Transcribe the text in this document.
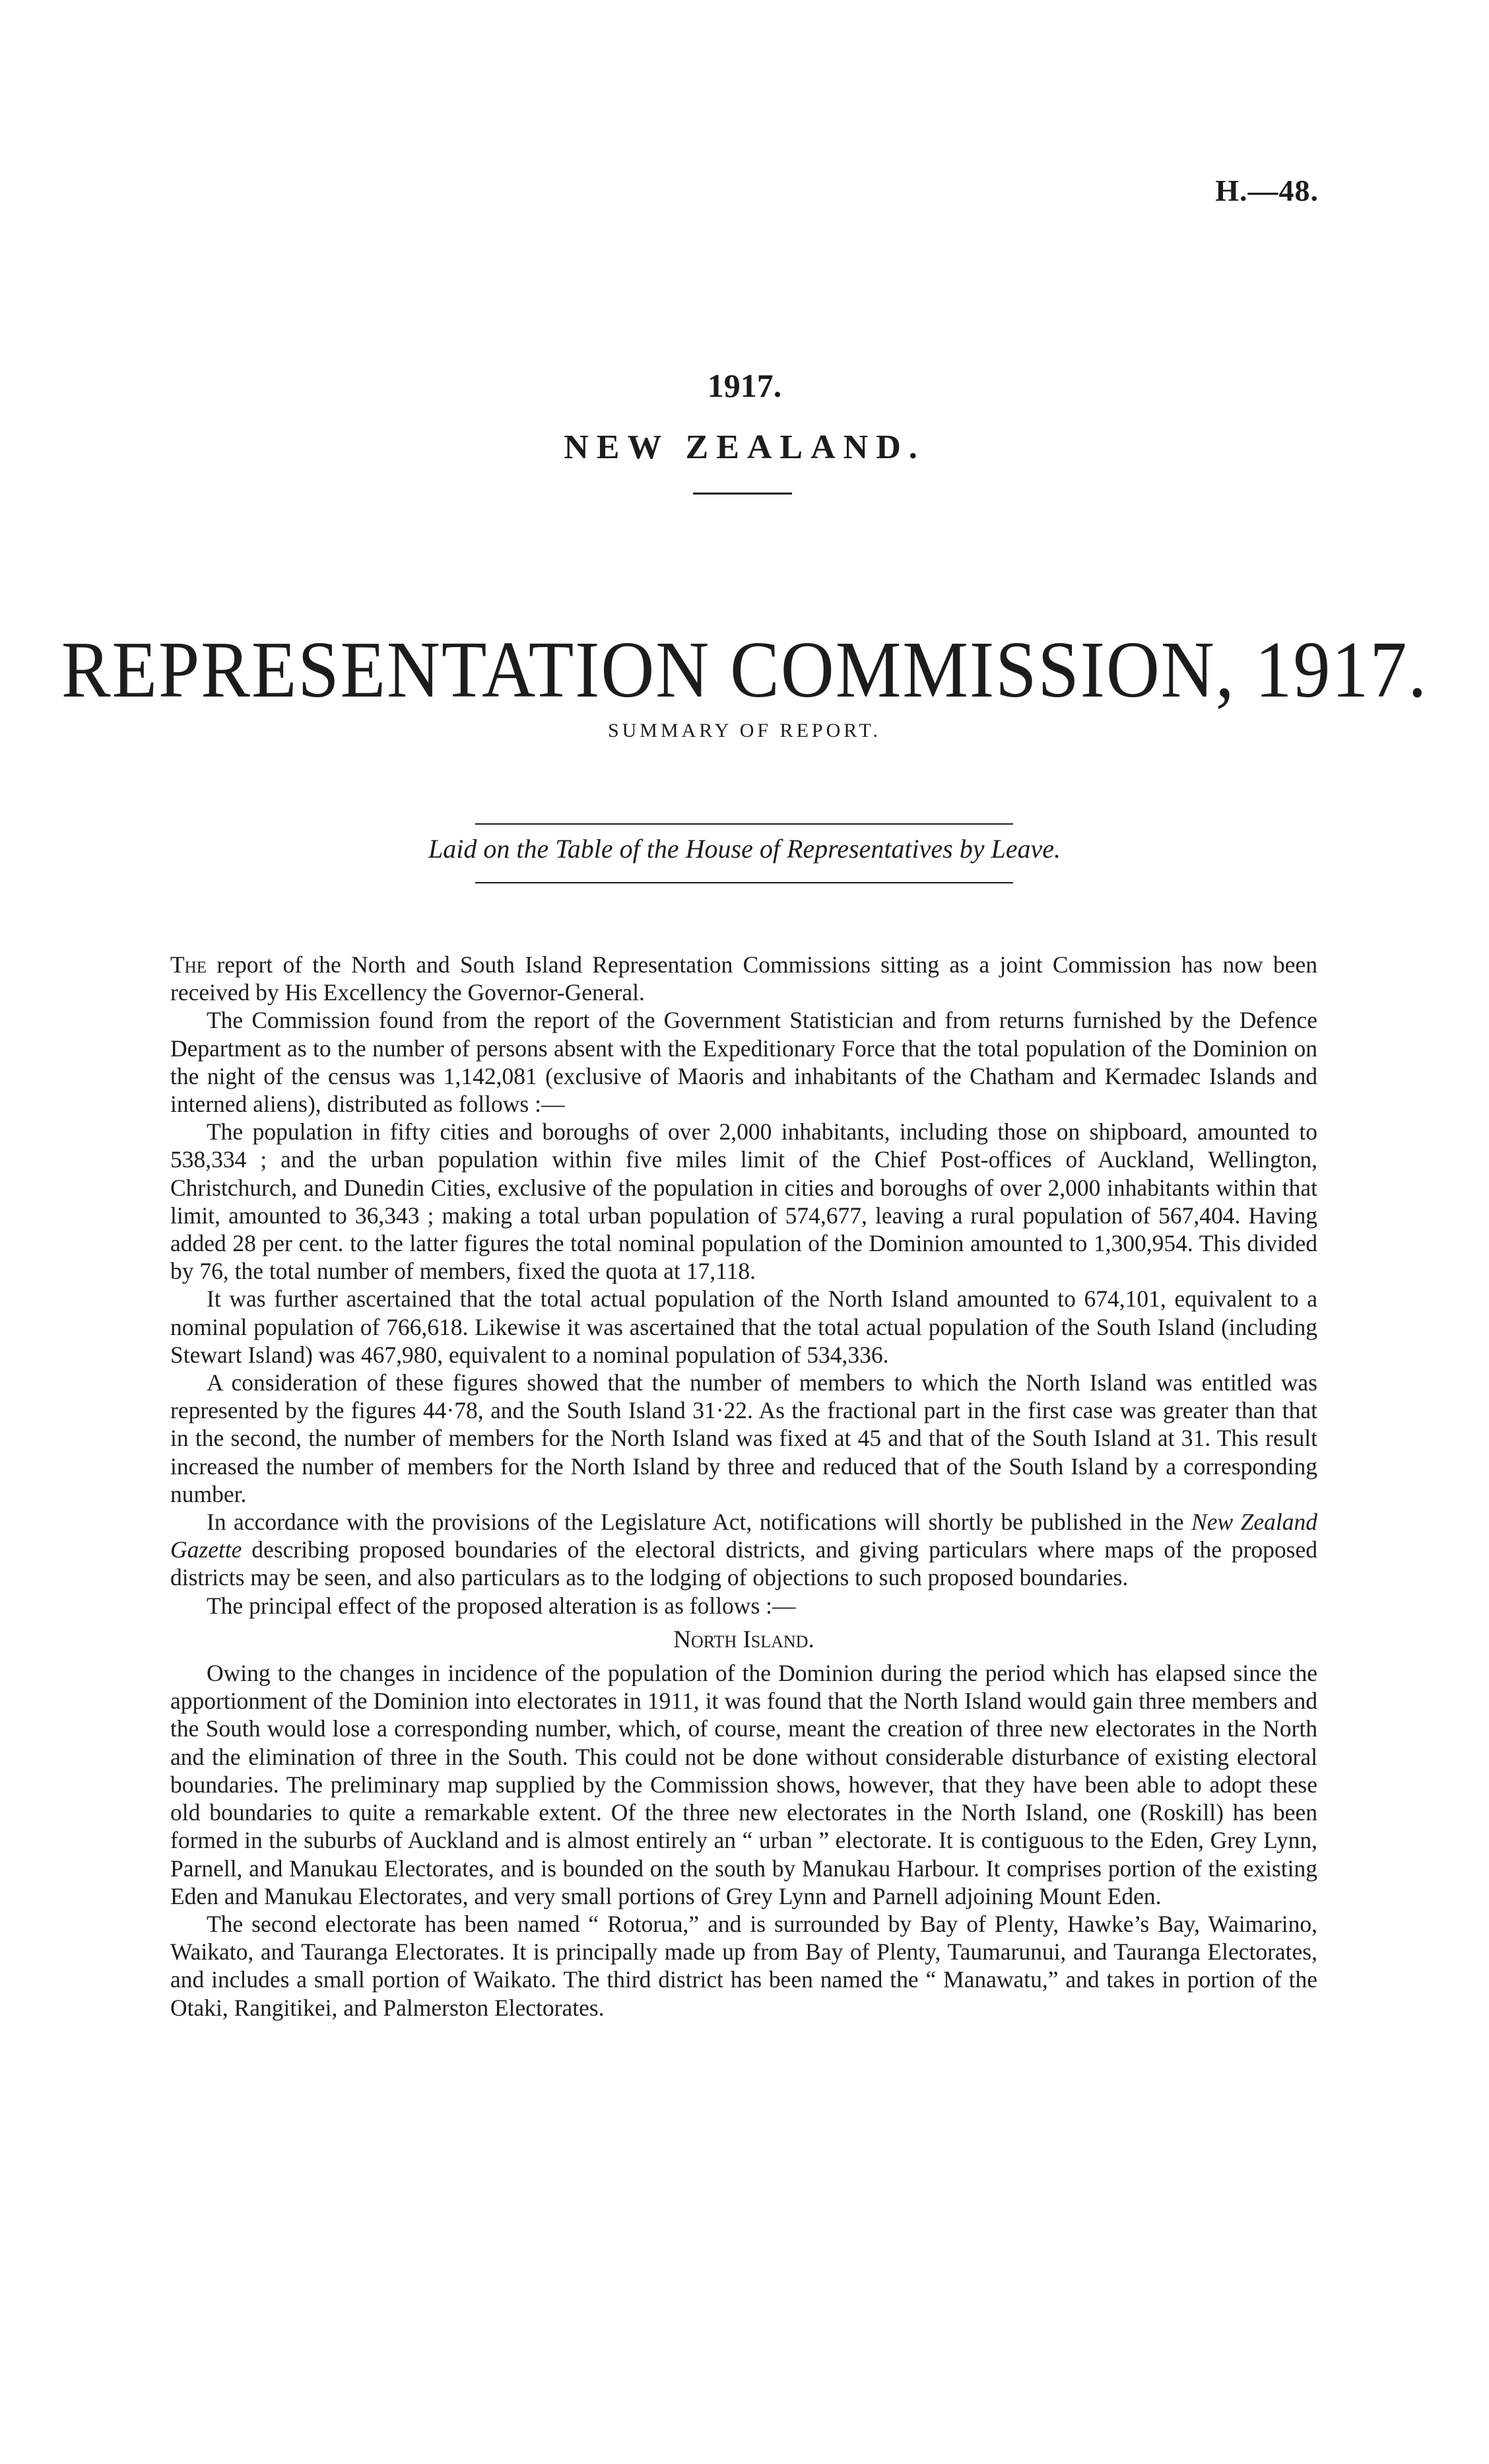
H.—48.
1917.
NEW ZEALAND.
REPRESENTATION COMMISSION, 1917.
SUMMARY OF REPORT.
Laid on the Table of the House of Representatives by Leave.

The report of the North and South Island Representation Commissions sitting as a joint Commission has now been received by His Excellency the Governor-General.

The Commission found from the report of the Government Statistician and from returns furnished by the Defence Department as to the number of persons absent with the Expeditionary Force that the total population of the Dominion on the night of the census was 1,142,081 (exclusive of Maoris and inhabitants of the Chatham and Kermadec Islands and interned aliens), distributed as follows :—

The population in fifty cities and boroughs of over 2,000 inhabitants, including those on shipboard, amounted to 538,334 ; and the urban population within five miles limit of the Chief Post-offices of Auckland, Wellington, Christchurch, and Dunedin Cities, exclusive of the population in cities and boroughs of over 2,000 inhabitants within that limit, amounted to 36,343 ; making a total urban population of 574,677, leaving a rural population of 567,404. Having added 28 per cent. to the latter figures the total nominal population of the Dominion amounted to 1,300,954. This divided by 76, the total number of members, fixed the quota at 17,118.

It was further ascertained that the total actual population of the North Island amounted to 674,101, equivalent to a nominal population of 766,618. Likewise it was ascertained that the total actual population of the South Island (including Stewart Island) was 467,980, equivalent to a nominal population of 534,336.

A consideration of these figures showed that the number of members to which the North Island was entitled was represented by the figures 44·78, and the South Island 31·22. As the fractional part in the first case was greater than that in the second, the number of members for the North Island was fixed at 45 and that of the South Island at 31. This result increased the number of members for the North Island by three and reduced that of the South Island by a corresponding number.

In accordance with the provisions of the Legislature Act, notifications will shortly be published in the New Zealand Gazette describing proposed boundaries of the electoral districts, and giving particulars where maps of the proposed districts may be seen, and also particulars as to the lodging of objections to such proposed boundaries.

The principal effect of the proposed alteration is as follows :—

North Island.

Owing to the changes in incidence of the population of the Dominion during the period which has elapsed since the apportionment of the Dominion into electorates in 1911, it was found that the North Island would gain three members and the South would lose a corresponding number, which, of course, meant the creation of three new electorates in the North and the elimination of three in the South. This could not be done without considerable disturbance of existing electoral boundaries. The preliminary map supplied by the Commission shows, however, that they have been able to adopt these old boundaries to quite a remarkable extent. Of the three new electorates in the North Island, one (Roskill) has been formed in the suburbs of Auckland and is almost entirely an “ urban ” electorate. It is contiguous to the Eden, Grey Lynn, Parnell, and Manukau Electorates, and is bounded on the south by Manukau Harbour. It comprises portion of the existing Eden and Manukau Electorates, and very small portions of Grey Lynn and Parnell adjoining Mount Eden.

The second electorate has been named “ Rotorua,” and is surrounded by Bay of Plenty, Hawke’s Bay, Waimarino, Waikato, and Tauranga Electorates. It is principally made up from Bay of Plenty, Taumarunui, and Tauranga Electorates, and includes a small portion of Waikato. The third district has been named the “ Manawatu,” and takes in portion of the Otaki, Rangitikei, and Palmerston Electorates.
